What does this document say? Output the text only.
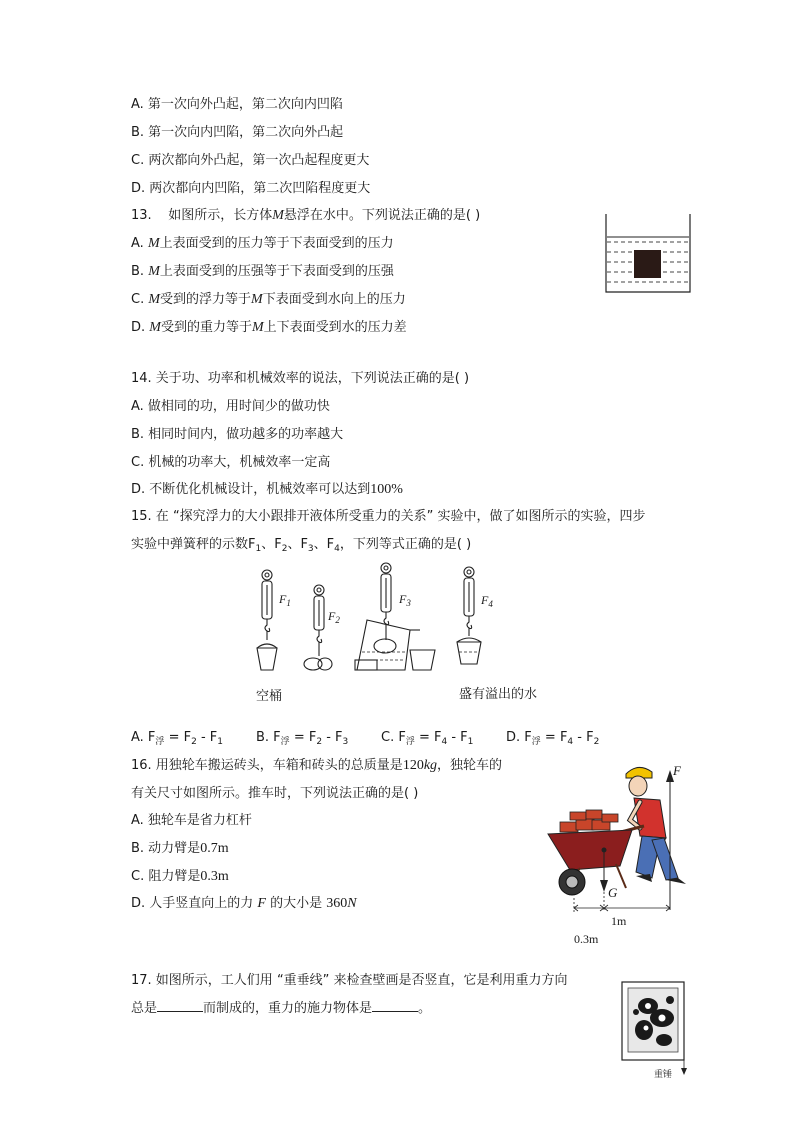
A. 第一次向外凸起，第二次向内凹陷
B. 第一次向内凹陷，第二次向外凸起
C. 两次都向外凸起，第一次凸起程度更大
D. 两次都向内凹陷，第二次凹陷程度更大
13. 如图所示，长方体M悬浮在水中。下列说法正确的是( )
A. M上表面受到的压力等于下表面受到的压力
B. M上表面受到的压强等于下表面受到的压强
C. M受到的浮力等于M下表面受到水向上的压力
D. M受到的重力等于M上下表面受到水的压力差
14. 关于功、功率和机械效率的说法，下列说法正确的是( )
A. 做相同的功，用时间少的做功快
B. 相同时间内，做功越多的功率越大
C. 机械的功率大，机械效率一定高
D. 不断优化机械设计，机械效率可以达到100%
15. 在 “探究浮力的大小跟排开液体所受重力的关系” 实验中，做了如图所示的实验，四步
实验中弹簧秤的示数$F_1$、$F_2$、$F_3$、$F_4$，下列等式正确的是( )
$F_1$
$F_2$
$F_3$	$F_4$
空桶	盛有溢出的水
A. $F_浮 = F_2 - F_1$	B. $F_浮 = F_2 - F_3$	C. $F_浮 = F_4 - F_1$	D. $F_浮 = F_4 - F_2$
16. 用独轮车搬运砖头，车箱和砖头的总质量是120kg，独轮车的
有关尺寸如图所示。推车时，下列说法正确的是( )
A. 独轮车是省力杠杆
B. 动力臂是0.7m
C. 阻力臂是0.3m
D. 人手竖直向上的力 F 的大小是 360N
F
G
1m
0.3m
17. 如图所示，工人们用 “重垂线” 来检查壁画是否竖直，它是利用重力方向
总是	而制成的，重力的施力物体是	。
重锤
